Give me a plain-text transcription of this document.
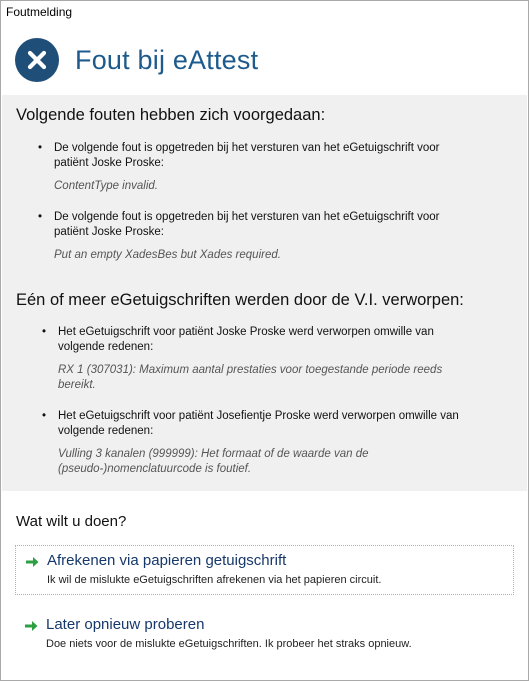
Foutmelding
Fout bij eAttest
Volgende fouten hebben zich voorgedaan:
• De volgende fout is opgetreden bij het versturen van het eGetuigschrift voor
patiënt Joske Proske:
ContentType invalid.
• De volgende fout is opgetreden bij het versturen van het eGetuigschrift voor
patiënt Joske Proske:
Put an empty XadesBes but Xades required.
Eén of meer eGetuigschriften werden door de V.I. verworpen:
• Het eGetuigschrift voor patiënt Joske Proske werd verworpen omwille van
volgende redenen:
RX 1 (307031): Maximum aantal prestaties voor toegestande periode reeds
bereikt.
• Het eGetuigschrift voor patiënt Josefientje Proske werd verworpen omwille van
volgende redenen:
Vulling 3 kanalen (999999): Het formaat of de waarde van de
(pseudo-)nomenclatuurcode is foutief.
Wat wilt u doen?
Afrekenen via papieren getuigschrift
Ik wil de mislukte eGetuigschriften afrekenen via het papieren circuit.
Later opnieuw proberen
Doe niets voor de mislukte eGetuigschriften. Ik probeer het straks opnieuw.
